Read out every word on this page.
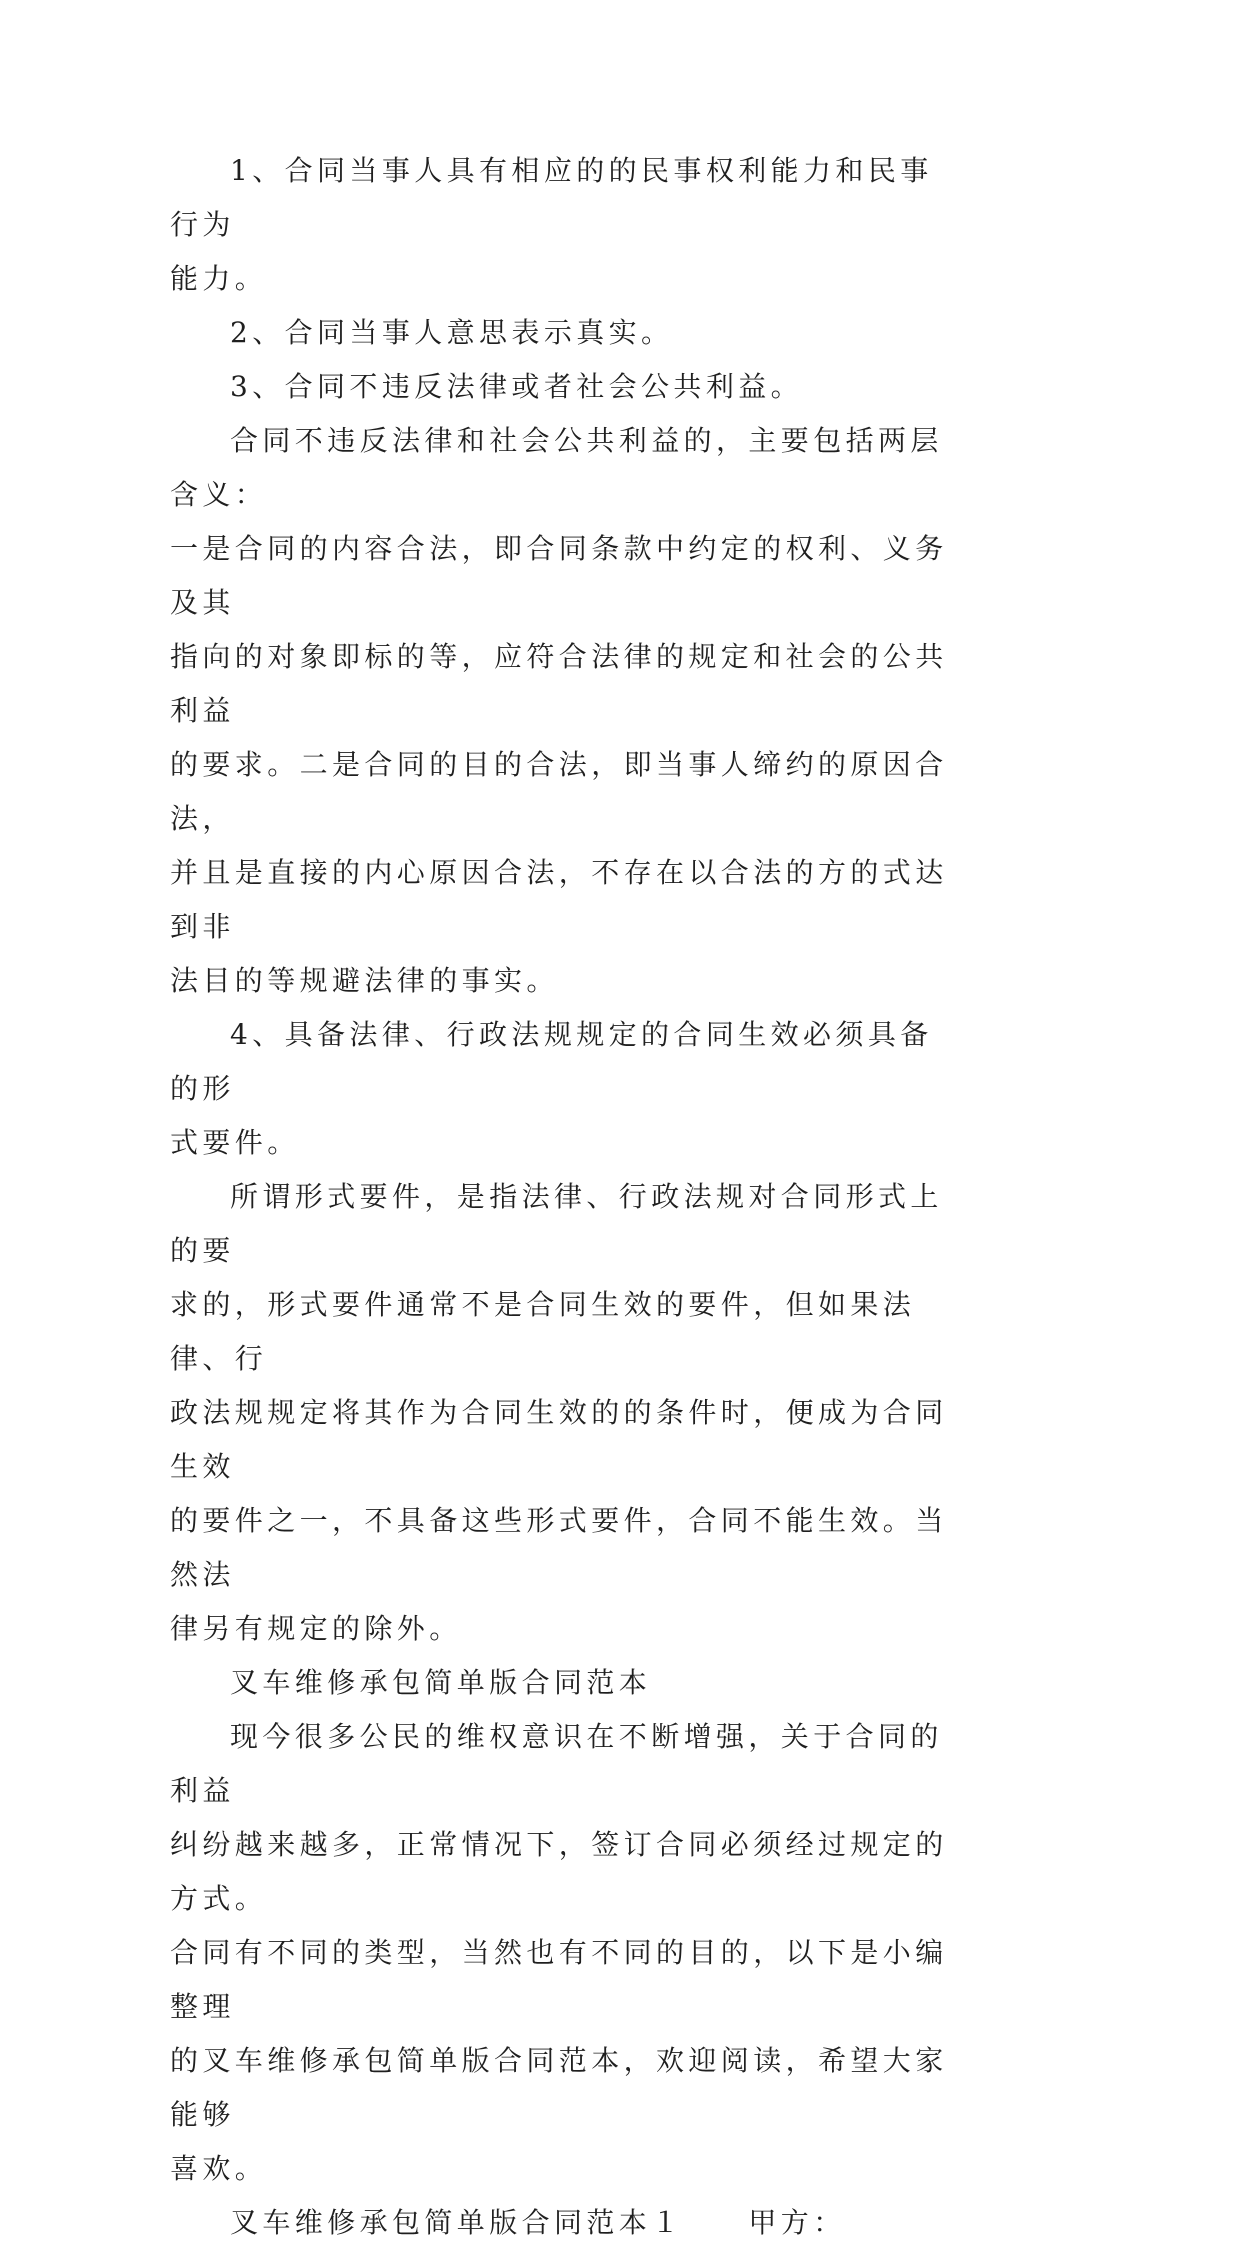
1、合同当事人具有相应的的民事权利能力和民事行为
能力。

2、合同当事人意思表示真实。

3、合同不违反法律或者社会公共利益。

合同不违反法律和社会公共利益的，主要包括两层含义：
一是合同的内容合法，即合同条款中约定的权利、义务及其
指向的对象即标的等，应符合法律的规定和社会的公共利益
的要求。二是合同的目的合法，即当事人缔约的原因合法，
并且是直接的内心原因合法，不存在以合法的方的式达到非
法目的等规避法律的事实。

4、具备法律、行政法规规定的合同生效必须具备的形
式要件。

所谓形式要件，是指法律、行政法规对合同形式上的要
求的，形式要件通常不是合同生效的要件，但如果法律、行
政法规规定将其作为合同生效的的条件时，便成为合同生效
的要件之一，不具备这些形式要件，合同不能生效。当然法
律另有规定的除外。

叉车维修承包简单版合同范本

现今很多公民的维权意识在不断增强，关于合同的利益
纠纷越来越多，正常情况下，签订合同必须经过规定的方式。
合同有不同的类型，当然也有不同的目的，以下是小编整理
的叉车维修承包简单版合同范本，欢迎阅读，希望大家能够
喜欢。

叉车维修承包简单版合同范本１　　甲方：
